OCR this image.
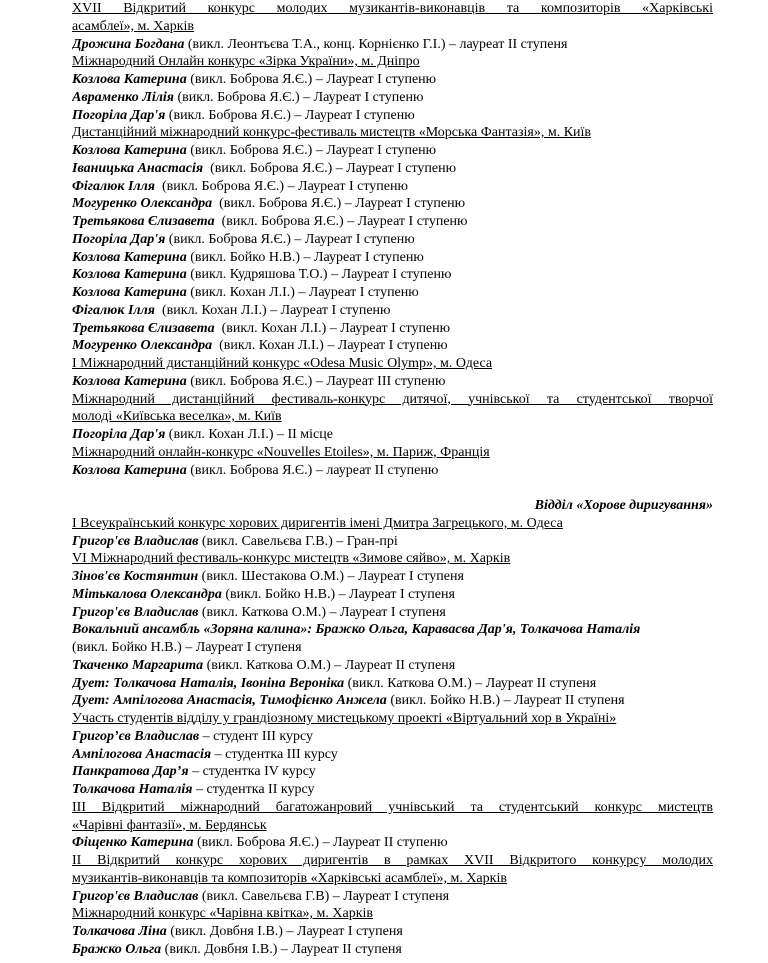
XVII Відкритий конкурс молодих музикантів-виконавців та композиторів «Харківські
асамблеї», м. Харків
Дрожина Богдана (викл. Леонтьєва Т.А., конц. Корнієнко Г.І.) – лауреат ІІ ступеня
Міжнародний Онлайн конкурс «Зірка України», м. Дніпро
Козлова Катерина (викл. Боброва Я.Є.) – Лауреат І ступеню
Авраменко Лілія (викл. Боброва Я.Є.) – Лауреат І ступеню
Погоріла Дар'я (викл. Боброва Я.Є.) – Лауреат І ступеню
Дистанційний міжнародний конкурс-фестиваль мистецтв «Морська Фантазія», м. Київ
Козлова Катерина (викл. Боброва Я.Є.) – Лауреат І ступеню
Іваницька Анастасія  (викл. Боброва Я.Є.) – Лауреат І ступеню
Фігалюк Ілля  (викл. Боброва Я.Є.) – Лауреат І ступеню
Могуренко Олександра  (викл. Боброва Я.Є.) – Лауреат І ступеню
Третьякова Єлизавета  (викл. Боброва Я.Є.) – Лауреат І ступеню
Погоріла Дар'я (викл. Боброва Я.Є.) – Лауреат І ступеню
Козлова Катерина (викл. Бойко Н.В.) – Лауреат І ступеню
Козлова Катерина (викл. Кудряшова Т.О.) – Лауреат І ступеню
Козлова Катерина (викл. Кохан Л.І.) – Лауреат І ступеню
Фігалюк Ілля  (викл. Кохан Л.І.) – Лауреат І ступеню
Третьякова Єлизавета  (викл. Кохан Л.І.) – Лауреат І ступеню
Могуренко Олександра  (викл. Кохан Л.І.) – Лауреат І ступеню
І Міжнародний дистанційний конкурс «Odesa Music Olymp», м. Одеса
Козлова Катерина (викл. Боброва Я.Є.) – Лауреат ІІІ ступеню
Міжнародний дистанційний фестиваль-конкурс дитячої, учнівської та студентської творчої
молоді «Київська веселка», м. Київ
Погоріла Дар'я (викл. Кохан Л.І.) – ІІ місце
Міжнародний онлайн-конкурс «Nouvelles Etoiles», м. Париж, Франція
Козлова Катерина (викл. Боброва Я.Є.) – лауреат ІІ ступеню
Відділ «Хорове диригування»
І Всеукраїнський конкурс хорових диригентів імені Дмитра Загрецького, м. Одеса
Григор'єв Владислав (викл. Савельєва Г.В.) – Гран-прі
VI Міжнародний фестиваль-конкурс мистецтв «Зимове сяйво», м. Харків
Зінов'єв Костянтин (викл. Шестакова О.М.) – Лауреат І ступеня
Мітькалова Олександра (викл. Бойко Н.В.) – Лауреат І ступеня
Григор'єв Владислав (викл. Каткова О.М.) – Лауреат І ступеня
Вокальний ансамбль «Зоряна калина»: Бражко Ольга, Каравасва Дар'я, Толкачова Наталія
(викл. Бойко Н.В.) – Лауреат І ступеня
Ткаченко Маргарита (викл. Каткова О.М.) – Лауреат ІІ ступеня
Дует: Толкачова Наталія, Івоніна Вероніка (викл. Каткова О.М.) – Лауреат ІІ ступеня
Дует: Ампілогова Анастасія, Тимофієнко Анжела (викл. Бойко Н.В.) – Лауреат ІІ ступеня
Участь студентів відділу у грандіозному мистецькому проекті «Віртуальний хор в Україні»
Григор’єв Владислав – студент ІІІ курсу
Ампілогова Анастасія – студентка ІІІ курсу
Панкратова Дар’я – студентка IV курсу
Толкачова Наталія – студентка ІІ курсу
ІІІ Відкритий міжнародний багатожанровий учнівський та студентський конкурс мистецтв
«Чарівні фантазії», м. Бердянськ
Фіщенко Катерина (викл. Боброва Я.Є.) – Лауреат ІІ ступеню
ІІ Відкритий конкурс хорових диригентів в рамках XVII Відкритого конкурсу молодих
музикантів-виконавців та композиторів «Харківські асамблеї», м. Харків
Григор'єв Владислав (викл. Савельєва Г.В) – Лауреат І ступеня
Міжнародний конкурс «Чарівна квітка», м. Харків
Толкачова Ліна (викл. Довбня І.В.) – Лауреат І ступеня
Бражко Ольга (викл. Довбня І.В.) – Лауреат ІІ ступеня
